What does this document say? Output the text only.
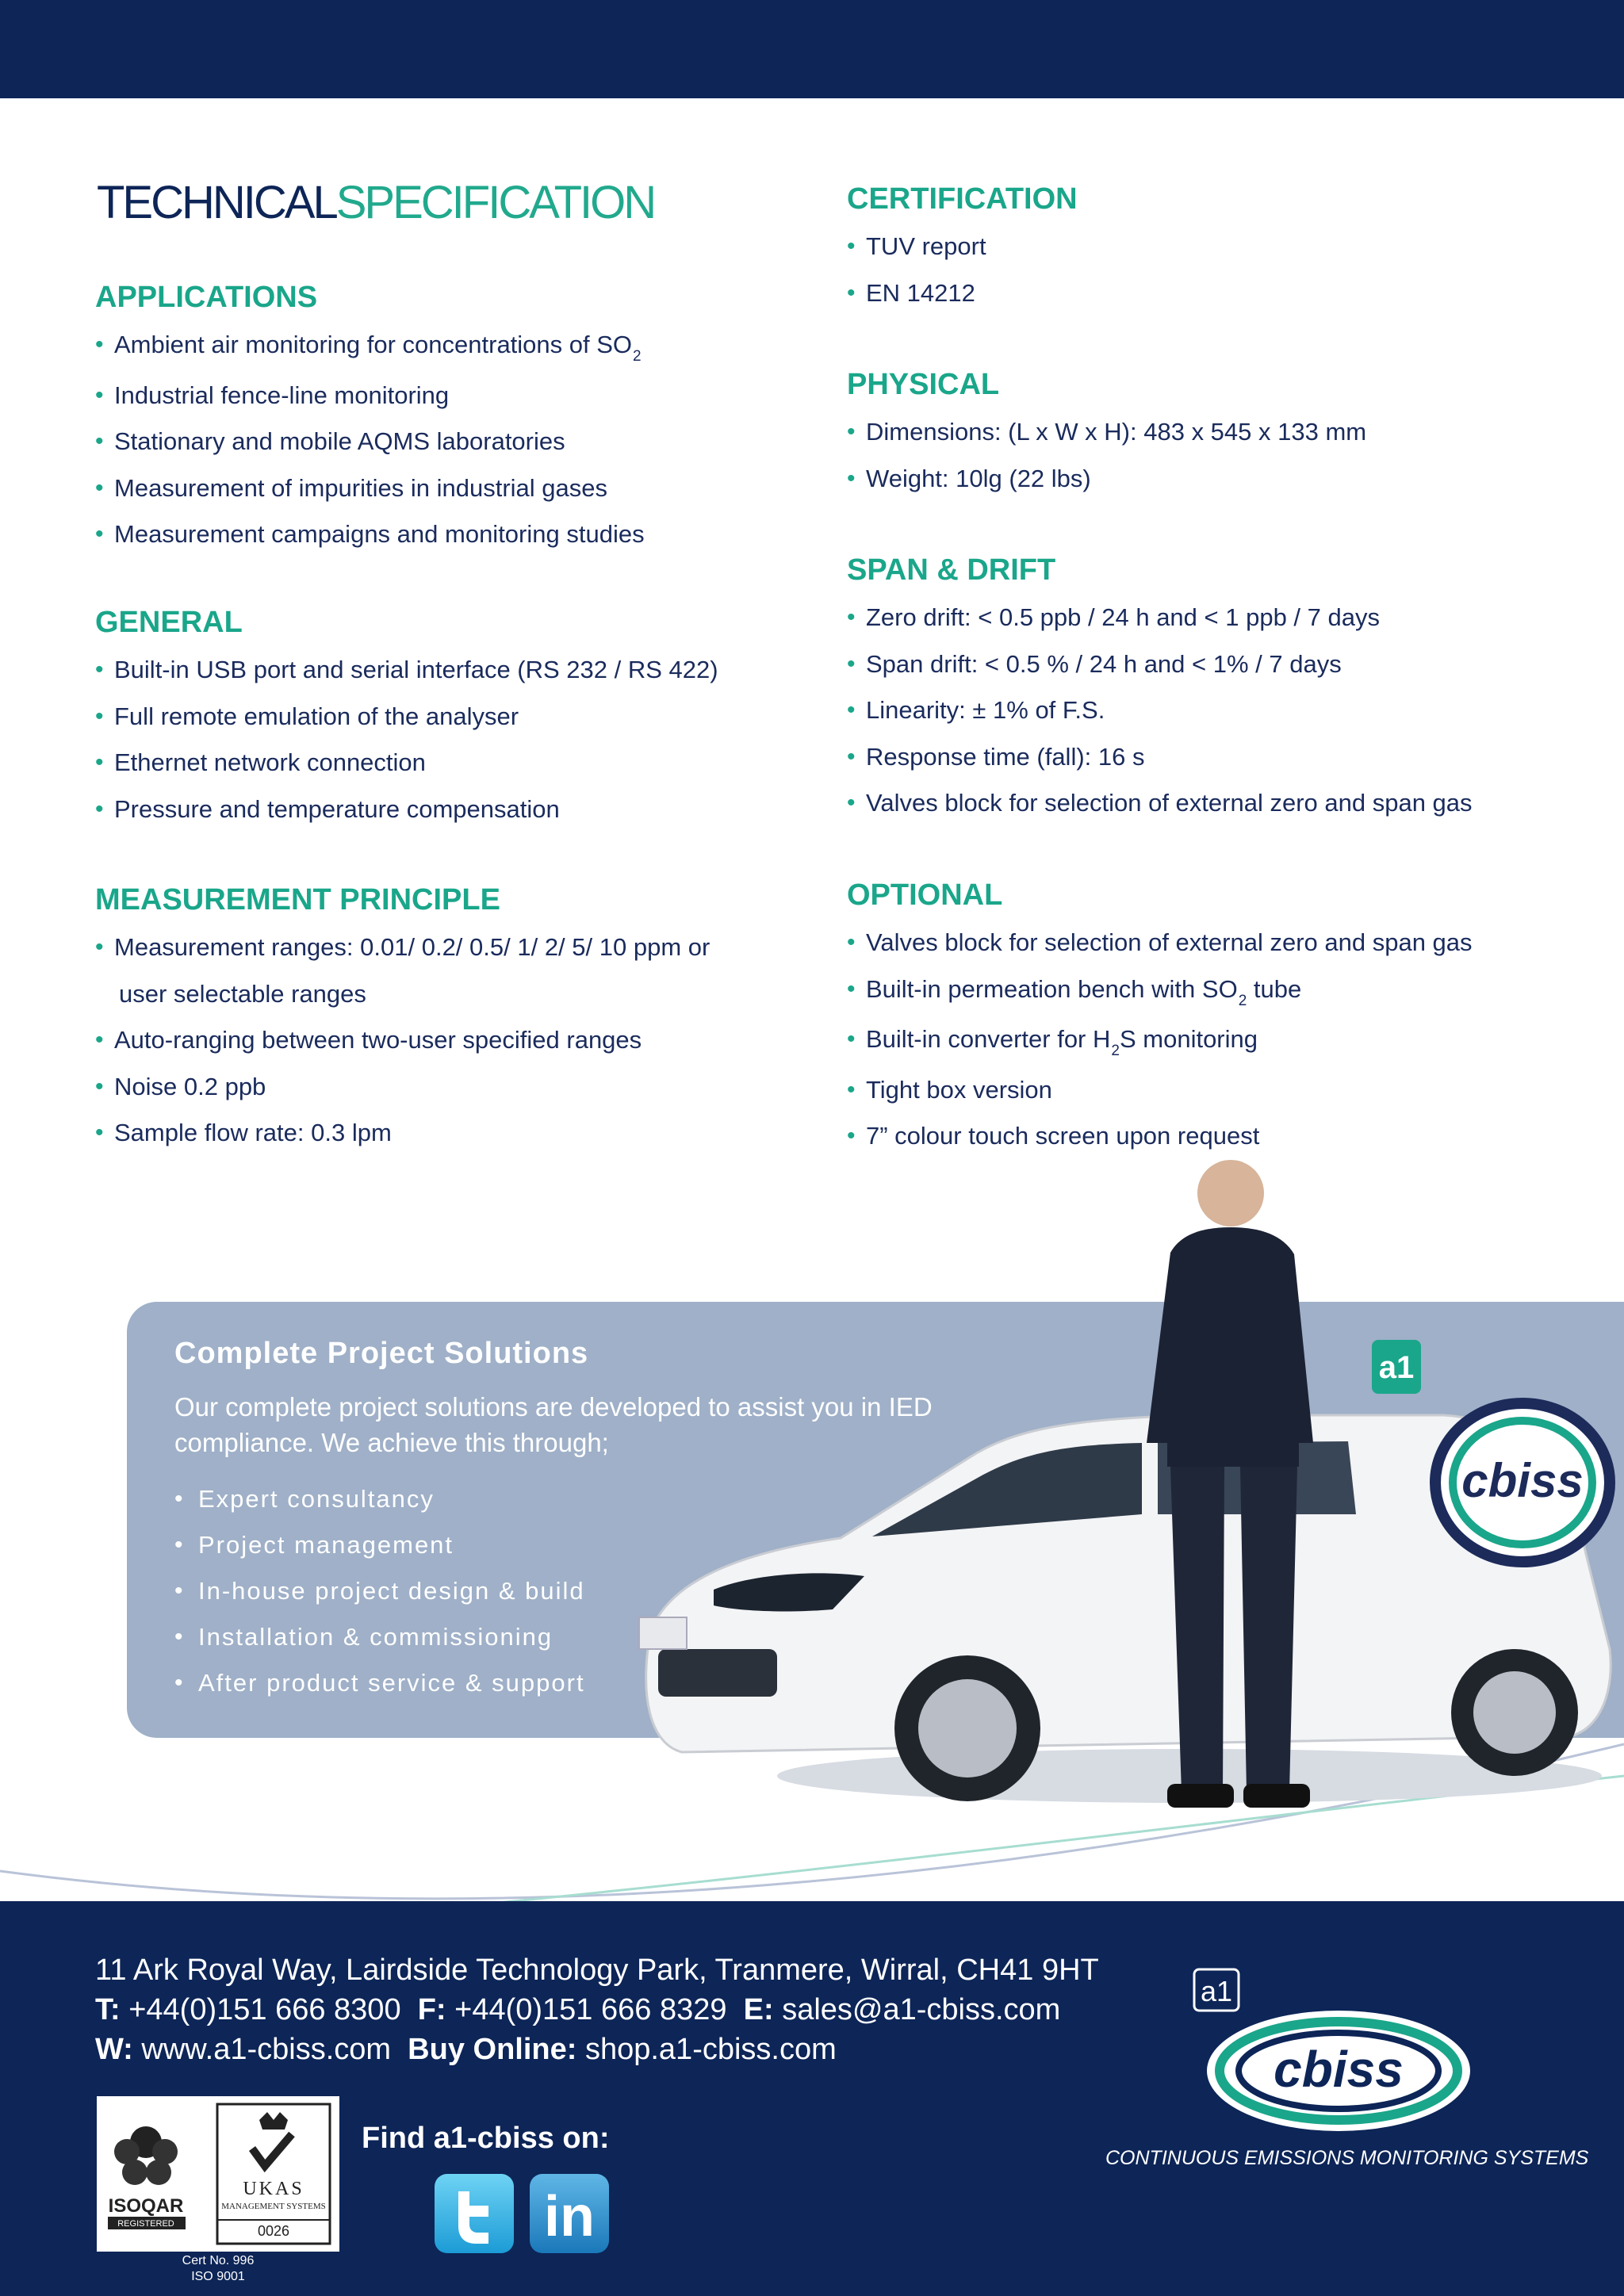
TECHNICALSPECIFICATION
APPLICATIONS
• Ambient air monitoring for concentrations of $SO_2$
• Industrial fence-line monitoring
• Stationary and mobile AQMS laboratories
• Measurement of impurities in industrial gases
• Measurement campaigns and monitoring studies
GENERAL
• Built-in USB port and serial interface (RS 232 / RS 422)
• Full remote emulation of the analyser
• Ethernet network connection
• Pressure and temperature compensation
MEASUREMENT PRINCIPLE
• Measurement ranges: 0.01/ 0.2/ 0.5/ 1/ 2/ 5/ 10 ppm or
user selectable ranges
• Auto-ranging between two-user specified ranges
• Noise 0.2 ppb
• Sample flow rate: 0.3 lpm
CERTIFICATION
• TUV report
• EN 14212
PHYSICAL
• Dimensions: (L x W x H): 483 x 545 x 133 mm
• Weight: 10lg (22 lbs)
SPAN & DRIFT
• Zero drift: < 0.5 ppb / 24 h and < 1 ppb / 7 days
• Span drift: < 0.5 % / 24 h and < 1% / 7 days
• Linearity: ± 1% of F.S.
• Response time (fall): 16 s
• Valves block for selection of external zero and span gas
OPTIONAL
• Valves block for selection of external zero and span gas
• Built-in permeation bench with $SO_2$ tube
• Built-in converter for $H_2S$ monitoring
• Tight box version
• 7” colour touch screen upon request
cbiss
a1
Complete Project Solutions

Our complete project solutions are developed to assist you in IED compliance. We achieve this through;

• Expert consultancy
• Project management
• In-house project design & build
• Installation & commissioning
• After product service & support
11 Ark Royal Way, Lairdside Technology Park, Tranmere, Wirral, CH41 9HT
T: +44(0)151 666 8300 F: +44(0)151 666 8329 E: sales@a1-cbiss.com
W: www.a1-cbiss.com Buy Online: shop.a1-cbiss.com
ISOQAR
REGISTERED
UKAS
MANAGEMENT SYSTEMS
0026
Cert No. 996
ISO 9001
Find a1-cbiss on:
in
a1
cbiss
CONTINUOUS EMISSIONS MONITORING SYSTEMS
